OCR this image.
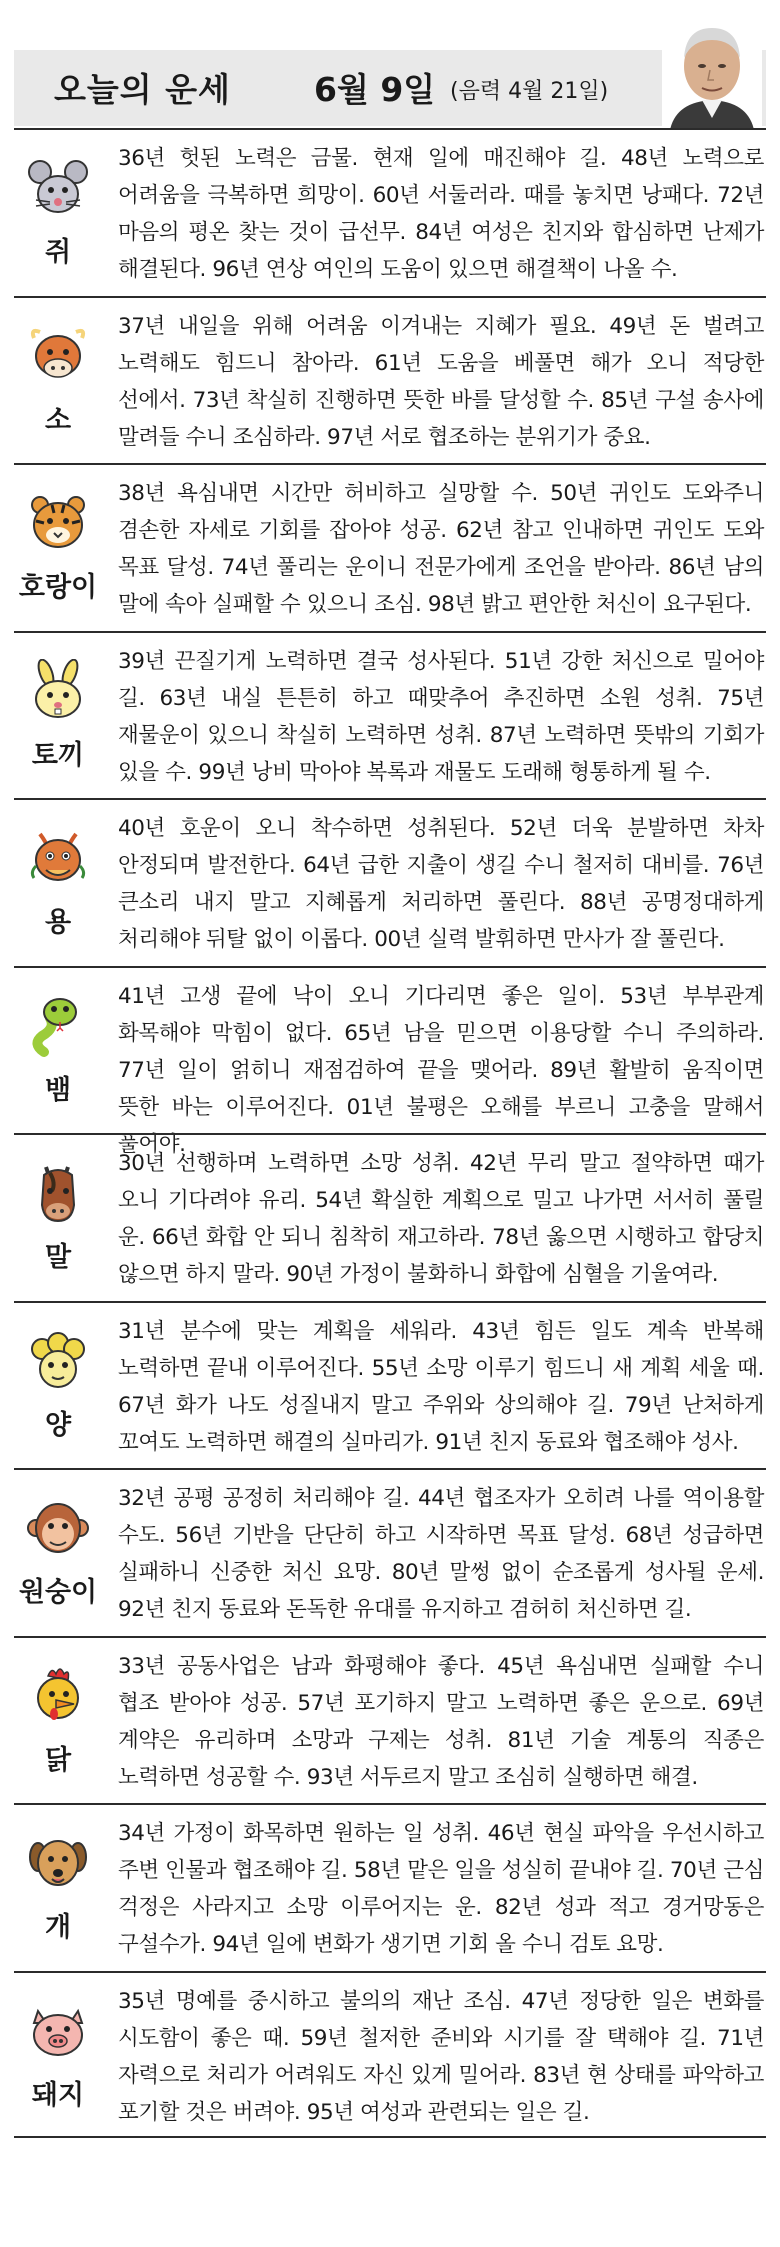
오늘의 운세	6월 9일 (음력 4월 21일)
쥐
36년 헛된 노력은 금물. 현재 일에 매진해야 길. 48년 노력으로 어려움을 극복하면 희망이. 60년 서둘러라. 때를 놓치면 낭패다. 72년 마음의 평온 찾는 것이 급선무. 84년 여성은 친지와 합심하면 난제가 해결된다. 96년 연상 여인의 도움이 있으면 해결책이 나올 수.
소
37년 내일을 위해 어려움 이겨내는 지혜가 필요. 49년 돈 벌려고 노력해도 힘드니 참아라. 61년 도움을 베풀면 해가 오니 적당한 선에서. 73년 착실히 진행하면 뜻한 바를 달성할 수. 85년 구설 송사에 말려들 수니 조심하라. 97년 서로 협조하는 분위기가 중요.
호랑이
38년 욕심내면 시간만 허비하고 실망할 수. 50년 귀인도 도와주니 겸손한 자세로 기회를 잡아야 성공. 62년 참고 인내하면 귀인도 도와 목표 달성. 74년 풀리는 운이니 전문가에게 조언을 받아라. 86년 남의 말에 속아 실패할 수 있으니 조심. 98년 밝고 편안한 처신이 요구된다.
토끼
39년 끈질기게 노력하면 결국 성사된다. 51년 강한 처신으로 밀어야 길. 63년 내실 튼튼히 하고 때맞추어 추진하면 소원 성취. 75년 재물운이 있으니 착실히 노력하면 성취. 87년 노력하면 뜻밖의 기회가 있을 수. 99년 낭비 막아야 복록과 재물도 도래해 형통하게 될 수.
용
40년 호운이 오니 착수하면 성취된다. 52년 더욱 분발하면 차차 안정되며 발전한다. 64년 급한 지출이 생길 수니 철저히 대비를. 76년 큰소리 내지 말고 지혜롭게 처리하면 풀린다. 88년 공명정대하게 처리해야 뒤탈 없이 이롭다. 00년 실력 발휘하면 만사가 잘 풀린다.
뱀
41년 고생 끝에 낙이 오니 기다리면 좋은 일이. 53년 부부관계 화목해야 막힘이 없다. 65년 남을 믿으면 이용당할 수니 주의하라. 77년 일이 얽히니 재점검하여 끝을 맺어라. 89년 활발히 움직이면 뜻한 바는 이루어진다. 01년 불평은 오해를 부르니 고충을 말해서 풀어야.
말
30년 선행하며 노력하면 소망 성취. 42년 무리 말고 절약하면 때가 오니 기다려야 유리. 54년 확실한 계획으로 밀고 나가면 서서히 풀릴 운. 66년 화합 안 되니 침착히 재고하라. 78년 옳으면 시행하고 합당치 않으면 하지 말라. 90년 가정이 불화하니 화합에 심혈을 기울여라.
양
31년 분수에 맞는 계획을 세워라. 43년 힘든 일도 계속 반복해 노력하면 끝내 이루어진다. 55년 소망 이루기 힘드니 새 계획 세울 때. 67년 화가 나도 성질내지 말고 주위와 상의해야 길. 79년 난처하게 꼬여도 노력하면 해결의 실마리가. 91년 친지 동료와 협조해야 성사.
원숭이
32년 공평 공정히 처리해야 길. 44년 협조자가 오히려 나를 역이용할 수도. 56년 기반을 단단히 하고 시작하면 목표 달성. 68년 성급하면 실패하니 신중한 처신 요망. 80년 말썽 없이 순조롭게 성사될 운세. 92년 친지 동료와 돈독한 유대를 유지하고 겸허히 처신하면 길.
닭
33년 공동사업은 남과 화평해야 좋다. 45년 욕심내면 실패할 수니 협조 받아야 성공. 57년 포기하지 말고 노력하면 좋은 운으로. 69년 계약은 유리하며 소망과 구제는 성취. 81년 기술 계통의 직종은 노력하면 성공할 수. 93년 서두르지 말고 조심히 실행하면 해결.
개
34년 가정이 화목하면 원하는 일 성취. 46년 현실 파악을 우선시하고 주변 인물과 협조해야 길. 58년 맡은 일을 성실히 끝내야 길. 70년 근심 걱정은 사라지고 소망 이루어지는 운. 82년 성과 적고 경거망동은 구설수가. 94년 일에 변화가 생기면 기회 올 수니 검토 요망.
돼지
35년 명예를 중시하고 불의의 재난 조심. 47년 정당한 일은 변화를 시도함이 좋은 때. 59년 철저한 준비와 시기를 잘 택해야 길. 71년 자력으로 처리가 어려워도 자신 있게 밀어라. 83년 현 상태를 파악하고 포기할 것은 버려야. 95년 여성과 관련되는 일은 길.
